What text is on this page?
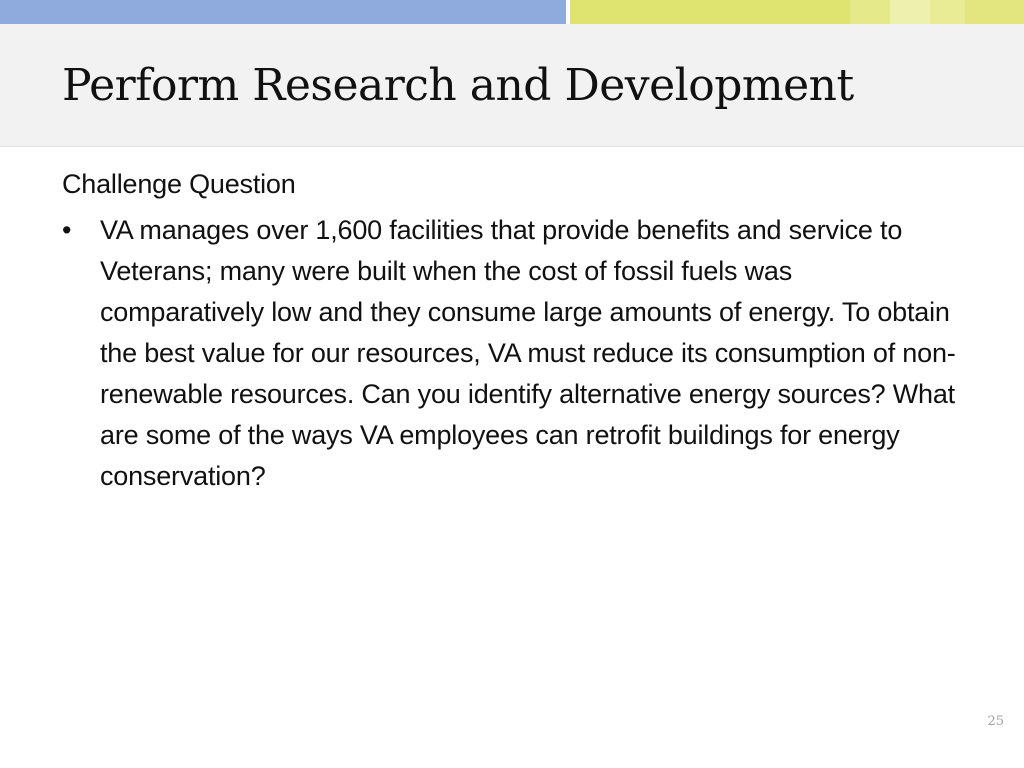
Perform Research and Development
Challenge Question
•	VA manages over 1,600 facilities that provide benefits and service to Veterans; many were built when the cost of fossil fuels was comparatively low and they consume large amounts of energy. To obtain the best value for our resources, VA must reduce its consumption of non-renewable resources. Can you identify alternative energy sources? What are some of the ways VA employees can retrofit buildings for energy conservation?
25
